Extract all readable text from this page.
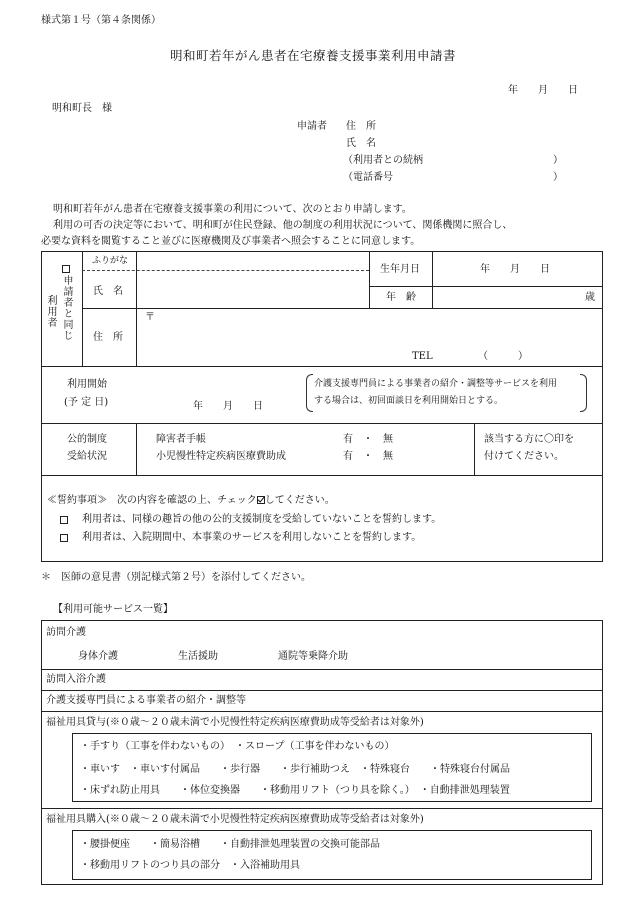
様式第１号（第４条関係）
明和町若年がん患者在宅療養支援事業利用申請書
年　　月　　日
明和町長　様
申請者 住　所
氏　名
（利用者との続柄	）
（電話番号	）
明和町若年がん患者在宅療養支援事業の利用について、次のとおり申請します。
利用の可否の決定等において、明和町が住民登録、他の制度の利用状況について、関係機関に照合し、
必要な資料を閲覧すること並びに医療機関及び事業者へ照会することに同意します。
利用者 申請者と同じ
ふりがな
氏　名
生年月日	年　　月　　日
年　齢	歳
住　所
〒
TEL	（　　　）
利用開始
(予 定 日)	年　　月　　日
介護支援専門員による事業者の紹介・調整等サービスを利用
する場合は、初回面談日を利用開始日とする。
公的制度
受給状況
障害者手帳	有　・　無
小児慢性特定疾病医療費助成	有　・　無
該当する方に〇印を
付けてください。
≪誓約事項≫　次の内容を確認の上、チェック してください。
利用者は、同様の趣旨の他の公的支援制度を受給していないことを誓約します。
利用者は、入院期間中、本事業のサービスを利用しないことを誓約します。
＊　医師の意見書（別記様式第２号）を添付してください。
【利用可能サービス一覧】
訪問介護
身体介護	生活援助	通院等乗降介助
訪問入浴介護
介護支援専門員による事業者の紹介・調整等
福祉用具貸与(※０歳～２０歳未満で小児慢性特定疾病医療費助成等受給者は対象外)
・手すり（工事を伴わないもの）　・スロープ（工事を伴わないもの）
・車いす　・車いす付属品　　・歩行器　　・歩行補助つえ　・特殊寝台　　・特殊寝台付属品
・床ずれ防止用具　　・体位変換器　　・移動用リフト（つり具を除く。）　・自動排泄処理装置
福祉用具購入(※０歳～２０歳未満で小児慢性特定疾病医療費助成等受給者は対象外)
・腰掛便座　　・簡易浴槽　　・自動排泄処理装置の交換可能部品
・移動用リフトのつり具の部分　・入浴補助用具
